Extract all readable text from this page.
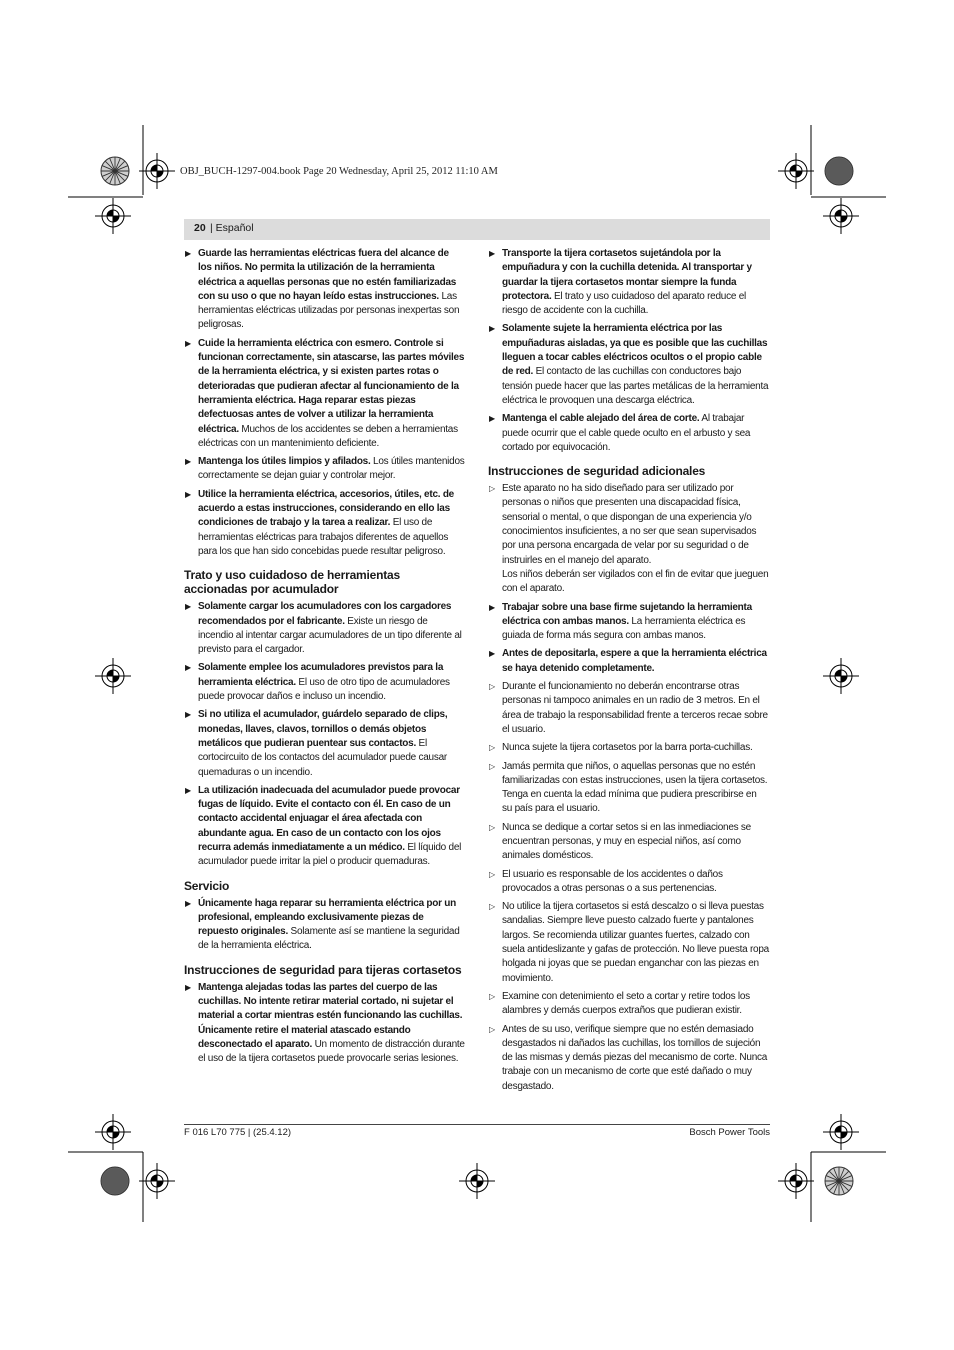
OBJ_BUCH-1297-004.book Page 20 Wednesday, April 25, 2012 11:10 AM
20 | Español
▶ Guarde las herramientas eléctricas fuera del alcance de los niños. No permita la utilización de la herramienta eléctrica a aquellas personas que no estén familiarizadas con su uso o que no hayan leído estas instrucciones. Las herramientas eléctricas utilizadas por personas inexpertas son peligrosas.
▶ Cuide la herramienta eléctrica con esmero. Controle si funcionan correctamente, sin atascarse, las partes móviles de la herramienta eléctrica, y si existen partes rotas o deterioradas que pudieran afectar al funcionamiento de la herramienta eléctrica. Haga reparar estas piezas defectuosas antes de volver a utilizar la herramienta eléctrica. Muchos de los accidentes se deben a herramientas eléctricas con un mantenimiento deficiente.
▶ Mantenga los útiles limpios y afilados. Los útiles mantenidos correctamente se dejan guiar y controlar mejor.
▶ Utilice la herramienta eléctrica, accesorios, útiles, etc. de acuerdo a estas instrucciones, considerando en ello las condiciones de trabajo y la tarea a realizar. El uso de herramientas eléctricas para trabajos diferentes de aquellos para los que han sido concebidas puede resultar peligroso.
Trato y uso cuidadoso de herramientas accionadas por acumulador
▶ Solamente cargar los acumuladores con los cargadores recomendados por el fabricante. Existe un riesgo de incendio al intentar cargar acumuladores de un tipo diferente al previsto para el cargador.
▶ Solamente emplee los acumuladores previstos para la herramienta eléctrica. El uso de otro tipo de acumuladores puede provocar daños e incluso un incendio.
▶ Si no utiliza el acumulador, guárdelo separado de clips, monedas, llaves, clavos, tornillos o demás objetos metálicos que pudieran puentear sus contactos. El cortocircuito de los contactos del acumulador puede causar quemaduras o un incendio.
▶ La utilización inadecuada del acumulador puede provocar fugas de líquido. Evite el contacto con él. En caso de un contacto accidental enjuagar el área afectada con abundante agua. En caso de un contacto con los ojos recurra además inmediatamente a un médico. El líquido del acumulador puede irritar la piel o producir quemaduras.
Servicio
▶ Únicamente haga reparar su herramienta eléctrica por un profesional, empleando exclusivamente piezas de repuesto originales. Solamente así se mantiene la seguridad de la herramienta eléctrica.
Instrucciones de seguridad para tijeras cortasetos
▶ Mantenga alejadas todas las partes del cuerpo de las cuchillas. No intente retirar material cortado, ni sujetar el material a cortar mientras estén funcionando las cuchillas. Únicamente retire el material atascado estando desconectado el aparato. Un momento de distracción durante el uso de la tijera cortasetos puede provocarle serias lesiones.
▶ Transporte la tijera cortasetos sujetándola por la empuñadura y con la cuchilla detenida. Al transportar y guardar la tijera cortasetos montar siempre la funda protectora. El trato y uso cuidadoso del aparato reduce el riesgo de accidente con la cuchilla.
▶ Solamente sujete la herramienta eléctrica por las empuñaduras aisladas, ya que es posible que las cuchillas lleguen a tocar cables eléctricos ocultos o el propio cable de red. El contacto de las cuchillas con conductores bajo tensión puede hacer que las partes metálicas de la herramienta eléctrica le provoquen una descarga eléctrica.
▶ Mantenga el cable alejado del área de corte. Al trabajar puede ocurrir que el cable quede oculto en el arbusto y sea cortado por equivocación.
Instrucciones de seguridad adicionales
▷ Este aparato no ha sido diseñado para ser utilizado por personas o niños que presenten una discapacidad física, sensorial o mental, o que dispongan de una experiencia y/o conocimientos insuficientes, a no ser que sean supervisados por una persona encargada de velar por su seguridad o de instruirles en el manejo del aparato.
Los niños deberán ser vigilados con el fin de evitar que jueguen con el aparato.
▶ Trabajar sobre una base firme sujetando la herramienta eléctrica con ambas manos. La herramienta eléctrica es guiada de forma más segura con ambas manos.
▶ Antes de depositarla, espere a que la herramienta eléctrica se haya detenido completamente.
▷ Durante el funcionamiento no deberán encontrarse otras personas ni tampoco animales en un radio de 3 metros. En el área de trabajo la responsabilidad frente a terceros recae sobre el usuario.
▷ Nunca sujete la tijera cortasetos por la barra porta-cuchillas.
▷ Jamás permita que niños, o aquellas personas que no estén familiarizadas con estas instrucciones, usen la tijera cortasetos. Tenga en cuenta la edad mínima que pudiera prescribirse en su país para el usuario.
▷ Nunca se dedique a cortar setos si en las inmediaciones se encuentran personas, y muy en especial niños, así como animales domésticos.
▷ El usuario es responsable de los accidentes o daños provocados a otras personas o a sus pertenencias.
▷ No utilice la tijera cortasetos si está descalzo o si lleva puestas sandalias. Siempre lleve puesto calzado fuerte y pantalones largos. Se recomienda utilizar guantes fuertes, calzado con suela antideslizante y gafas de protección. No lleve puesta ropa holgada ni joyas que se puedan enganchar con las piezas en movimiento.
▷ Examine con detenimiento el seto a cortar y retire todos los alambres y demás cuerpos extraños que pudieran existir.
▷ Antes de su uso, verifique siempre que no estén demasiado desgastados ni dañados las cuchillas, los tornillos de sujeción de las mismas y demás piezas del mecanismo de corte. Nunca trabaje con un mecanismo de corte que esté dañado o muy desgastado.
F 016 L70 775 | (25.4.12)	Bosch Power Tools
